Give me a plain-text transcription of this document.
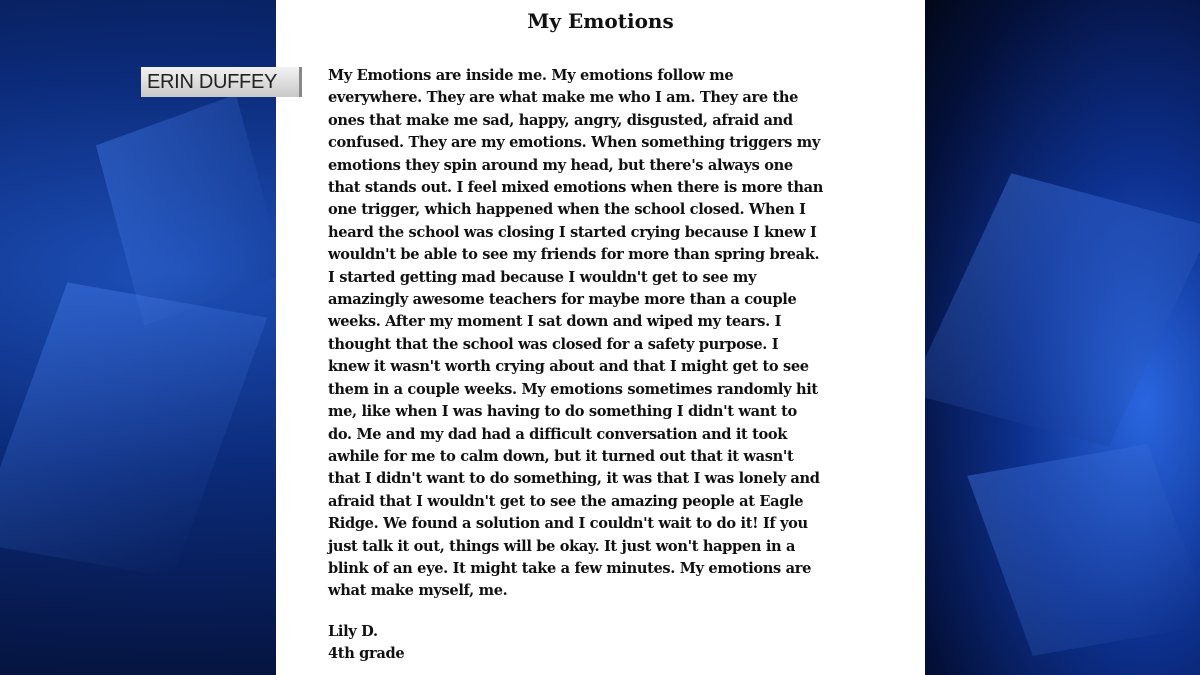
My Emotions
My Emotions are inside me. My emotions follow me
everywhere. They are what make me who I am. They are the
ones that make me sad, happy, angry, disgusted, afraid and
confused. They are my emotions. When something triggers my
emotions they spin around my head, but there's always one
that stands out. I feel mixed emotions when there is more than
one trigger, which happened when the school closed. When I
heard the school was closing I started crying because I knew I
wouldn't be able to see my friends for more than spring break.
I started getting mad because I wouldn't get to see my
amazingly awesome teachers for maybe more than a couple
weeks. After my moment I sat down and wiped my tears. I
thought that the school was closed for a safety purpose. I
knew it wasn't worth crying about and that I might get to see
them in a couple weeks. My emotions sometimes randomly hit
me, like when I was having to do something I didn't want to
do. Me and my dad had a difficult conversation and it took
awhile for me to calm down, but it turned out that it wasn't
that I didn't want to do something, it was that I was lonely and
afraid that I wouldn't get to see the amazing people at Eagle
Ridge. We found a solution and I couldn't wait to do it! If you
just talk it out, things will be okay. It just won't happen in a
blink of an eye. It might take a few minutes. My emotions are
what make myself, me.
Lily D.
4th grade
ERIN DUFFEY
